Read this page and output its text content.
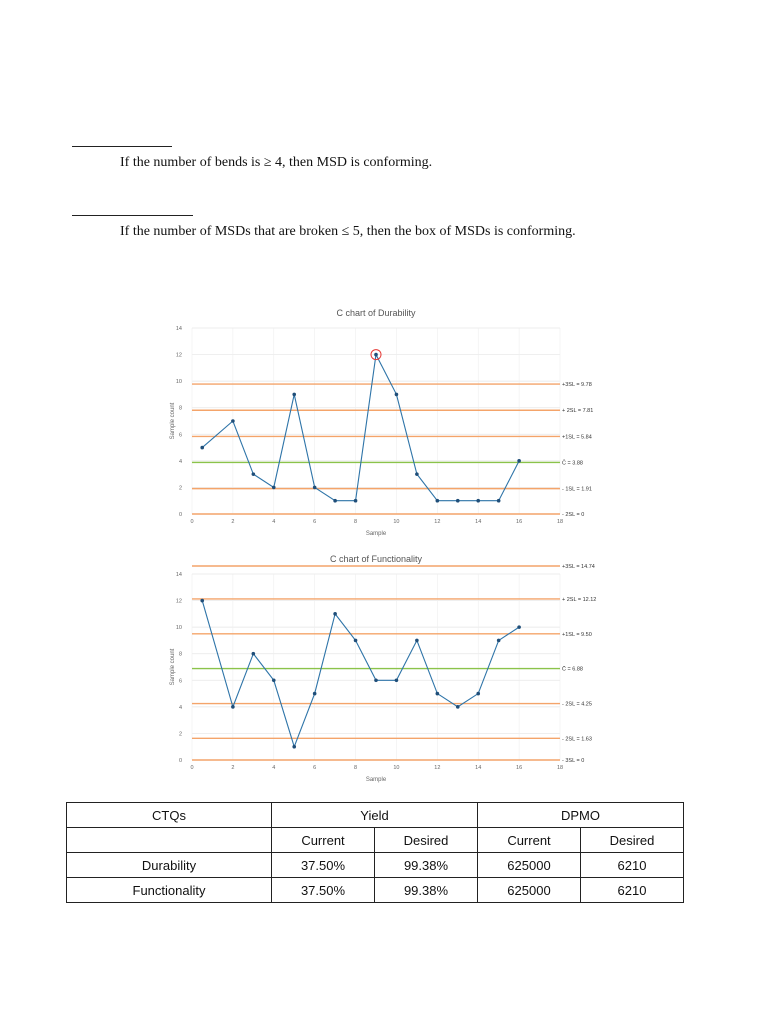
If the number of bends is ≥ 4, then MSD is conforming.
If the number of MSDs that are broken ≤ 5, then the box of MSDs is conforming.
C chart of Durability
0
2
4
6
8
10
12
14
0	2	4	6	8	10	12	14	16	18
Sample
Sample count
+3SL = 9.78
+ 2SL = 7.81
+1SL = 5.84
C̄ = 3.88
- 1SL = 1.91
- 2SL = 0
C chart of Functionality
0
2
4
6
8
10
12
14
0	2	4	6	8	10	12	14	16	18
Sample
Sample count
+3SL = 14.74
+ 2SL = 12.12
+1SL = 9.50
C̄ = 6.88
- 2SL = 4.25
- 2SL = 1.63
- 3SL = 0
CTQs	Yield		DPMO	
	Current	Desired	Current	Desired
Durability	37.50%	99.38%	625000	6210
Functionality	37.50%	99.38%	625000	6210
